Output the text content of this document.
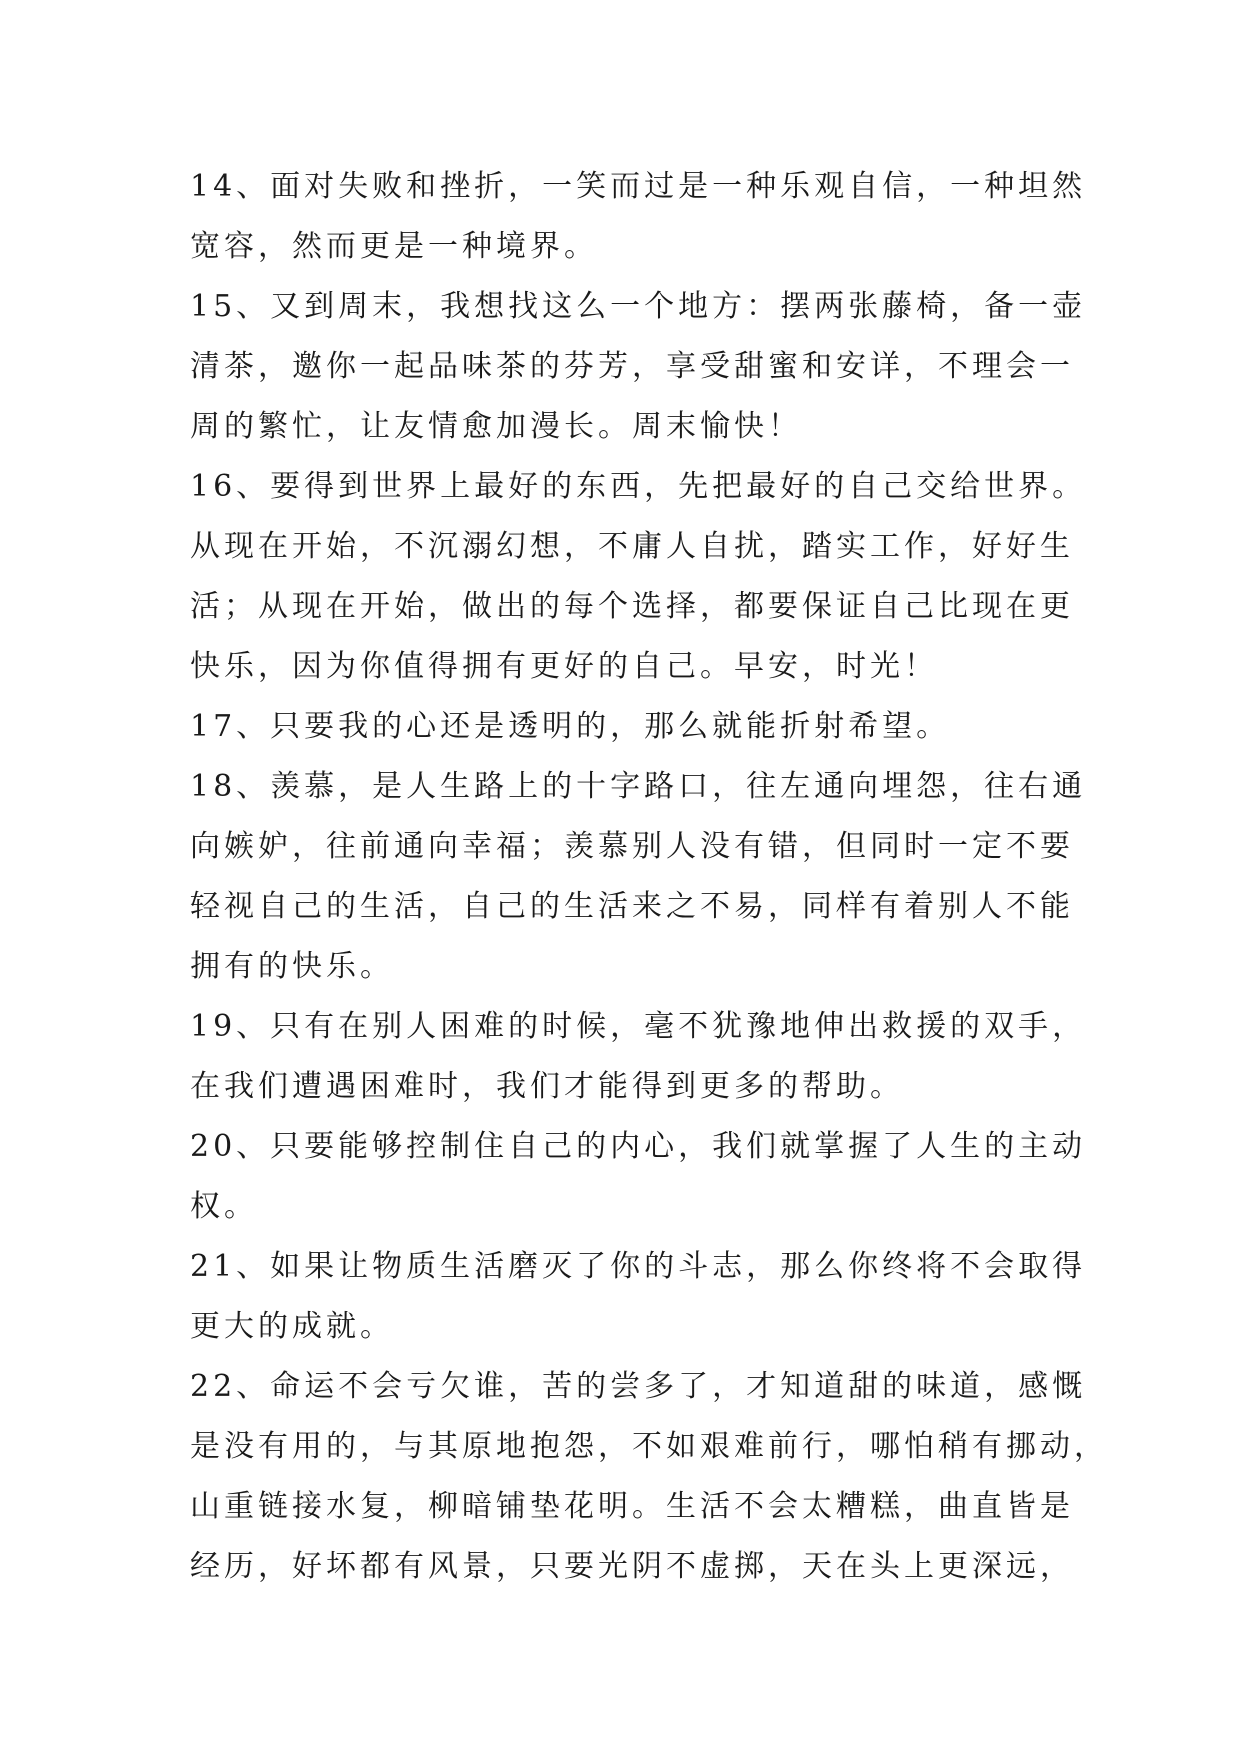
14、面对失败和挫折，一笑而过是一种乐观自信，一种坦然
宽容，然而更是一种境界。
15、又到周末，我想找这么一个地方：摆两张藤椅，备一壶
清茶，邀你一起品味茶的芬芳，享受甜蜜和安详，不理会一
周的繁忙，让友情愈加漫长。周末愉快！
16、要得到世界上最好的东西，先把最好的自己交给世界。
从现在开始，不沉溺幻想，不庸人自扰，踏实工作，好好生
活；从现在开始，做出的每个选择，都要保证自己比现在更
快乐，因为你值得拥有更好的自己。早安，时光！
17、只要我的心还是透明的，那么就能折射希望。
18、羡慕，是人生路上的十字路口，往左通向埋怨，往右通
向嫉妒，往前通向幸福；羡慕别人没有错，但同时一定不要
轻视自己的生活，自己的生活来之不易，同样有着别人不能
拥有的快乐。
19、只有在别人困难的时候，毫不犹豫地伸出救援的双手，
在我们遭遇困难时，我们才能得到更多的帮助。
20、只要能够控制住自己的内心，我们就掌握了人生的主动
权。
21、如果让物质生活磨灭了你的斗志，那么你终将不会取得
更大的成就。
22、命运不会亏欠谁，苦的尝多了，才知道甜的味道，感慨
是没有用的，与其原地抱怨，不如艰难前行，哪怕稍有挪动，
山重链接水复，柳暗铺垫花明。生活不会太糟糕，曲直皆是
经历，好坏都有风景，只要光阴不虚掷，天在头上更深远，
